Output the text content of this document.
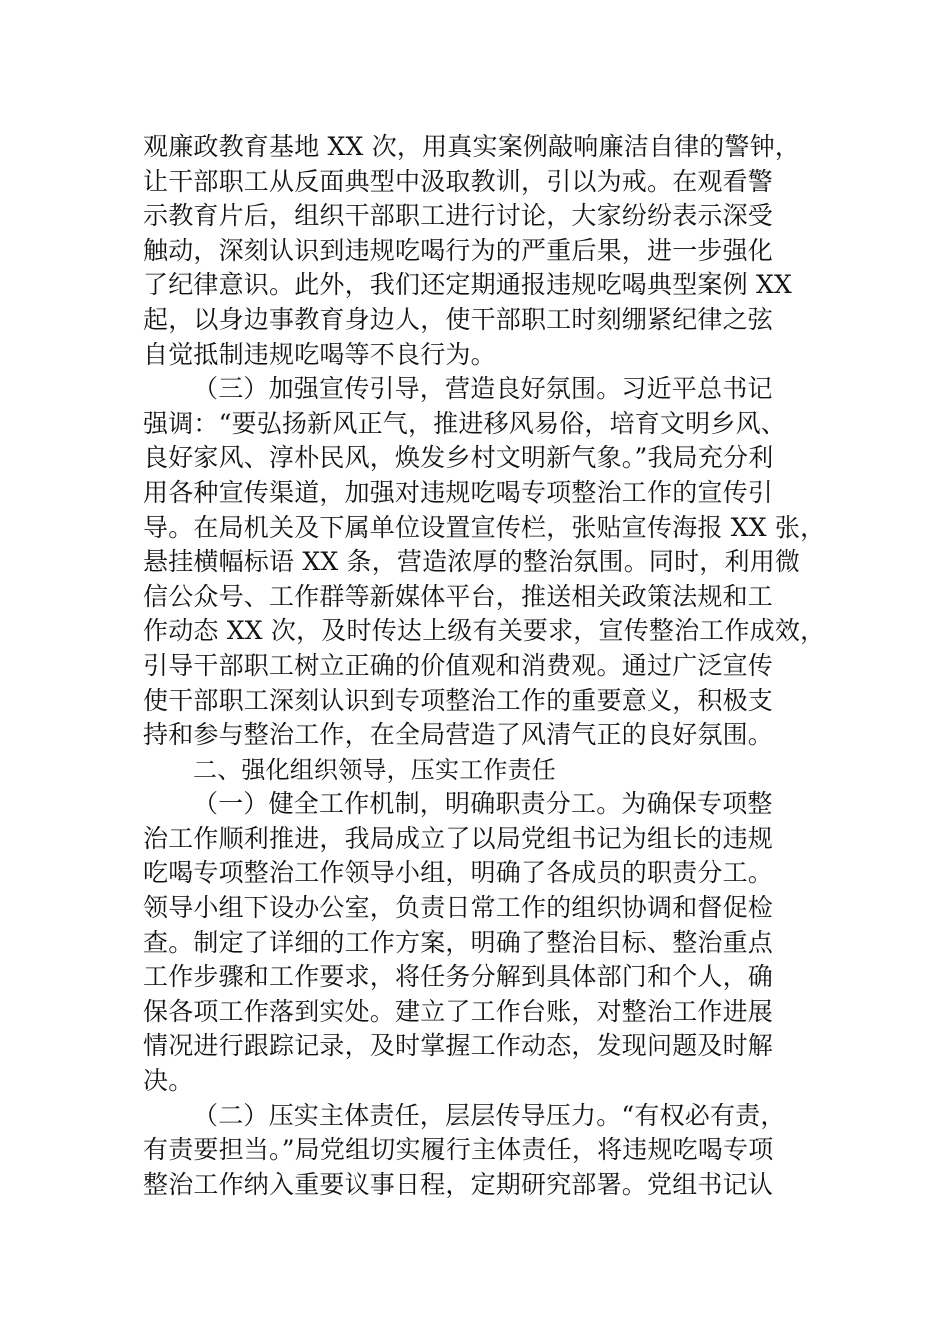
观廉政教育基地 XX 次，用真实案例敲响廉洁自律的警钟，
让干部职工从反面典型中汲取教训，引以为戒。在观看警
示教育片后，组织干部职工进行讨论，大家纷纷表示深受
触动，深刻认识到违规吃喝行为的严重后果，进一步强化
了纪律意识。此外，我们还定期通报违规吃喝典型案例 XX
起，以身边事教育身边人，使干部职工时刻绷紧纪律之弦
自觉抵制违规吃喝等不良行为。
（三）加强宣传引导，营造良好氛围。习近平总书记
强调：“要弘扬新风正气，推进移风易俗，培育文明乡风、
良好家风、淳朴民风，焕发乡村文明新气象。”我局充分利
用各种宣传渠道，加强对违规吃喝专项整治工作的宣传引
导。在局机关及下属单位设置宣传栏，张贴宣传海报 XX 张，
悬挂横幅标语 XX 条，营造浓厚的整治氛围。同时，利用微
信公众号、工作群等新媒体平台，推送相关政策法规和工
作动态 XX 次，及时传达上级有关要求，宣传整治工作成效，
引导干部职工树立正确的价值观和消费观。通过广泛宣传
使干部职工深刻认识到专项整治工作的重要意义，积极支
持和参与整治工作，在全局营造了风清气正的良好氛围。
二、强化组织领导，压实工作责任
（一）健全工作机制，明确职责分工。为确保专项整
治工作顺利推进，我局成立了以局党组书记为组长的违规
吃喝专项整治工作领导小组，明确了各成员的职责分工。
领导小组下设办公室，负责日常工作的组织协调和督促检
查。制定了详细的工作方案，明确了整治目标、整治重点
工作步骤和工作要求，将任务分解到具体部门和个人，确
保各项工作落到实处。建立了工作台账，对整治工作进展
情况进行跟踪记录，及时掌握工作动态，发现问题及时解
决。
（二）压实主体责任，层层传导压力。“有权必有责，
有责要担当。”局党组切实履行主体责任，将违规吃喝专项
整治工作纳入重要议事日程，定期研究部署。党组书记认
